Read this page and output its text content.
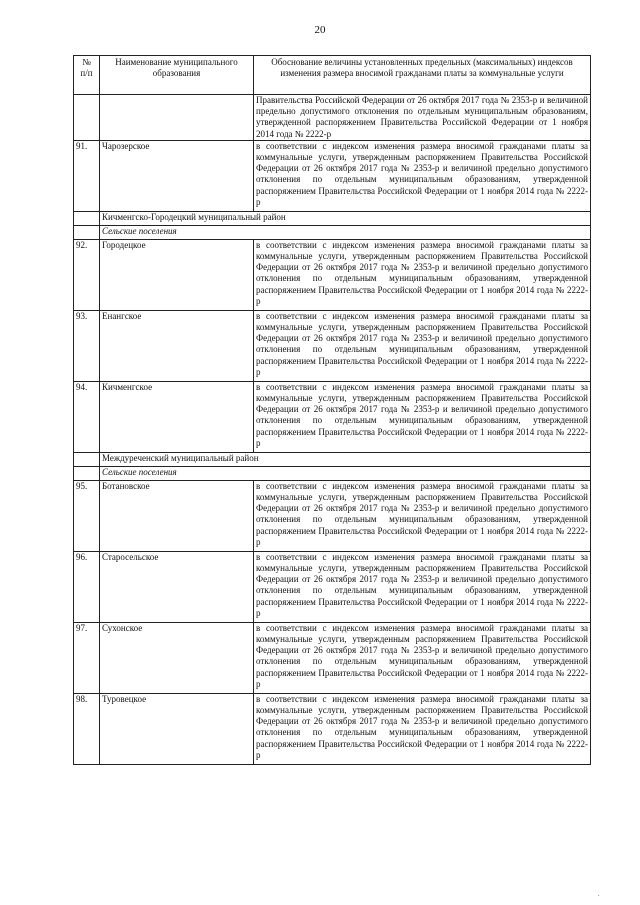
20
№
п/п	Наименование муниципального образования	Обоснование величины установленных предельных (максимальных) индексов изменения размера вносимой гражданами платы за коммунальные услуги
		Правительства Российской Федерации от 26 октября 2017 года № 2353-р и величиной предельно допустимого отклонения по отдельным муниципальным образованиям, утвержденной распоряжением Правительства Российской Федерации от 1 ноября 2014 года № 2222-р
91.	Чарозерское	в соответствии с индексом изменения размера вносимой гражданами платы за коммунальные услуги, утвержденным распоряжением Правительства Российской Федерации от 26 октября 2017 года № 2353-р и величиной предельно допустимого отклонения по отдельным муниципальным образованиям, утвержденной распоряжением Правительства Российской Федерации от 1 ноября 2014 года № 2222-р
	Кичменгско-Городецкий муниципальный район	
	Сельские поселения	
92.	Городецкое	в соответствии с индексом изменения размера вносимой гражданами платы за коммунальные услуги, утвержденным распоряжением Правительства Российской Федерации от 26 октября 2017 года № 2353-р и величиной предельно допустимого отклонения по отдельным муниципальным образованиям, утвержденной распоряжением Правительства Российской Федерации от 1 ноября 2014 года № 2222-р
93.	Енангское	в соответствии с индексом изменения размера вносимой гражданами платы за коммунальные услуги, утвержденным распоряжением Правительства Российской Федерации от 26 октября 2017 года № 2353-р и величиной предельно допустимого отклонения по отдельным муниципальным образованиям, утвержденной распоряжением Правительства Российской Федерации от 1 ноября 2014 года № 2222-р
94.	Кичменгское	в соответствии с индексом изменения размера вносимой гражданами платы за коммунальные услуги, утвержденным распоряжением Правительства Российской Федерации от 26 октября 2017 года № 2353-р и величиной предельно допустимого отклонения по отдельным муниципальным образованиям, утвержденной распоряжением Правительства Российской Федерации от 1 ноября 2014 года № 2222-р
	Междуреченский муниципальный район	
	Сельские поселения	
95.	Ботановское	в соответствии с индексом изменения размера вносимой гражданами платы за коммунальные услуги, утвержденным распоряжением Правительства Российской Федерации от 26 октября 2017 года № 2353-р и величиной предельно допустимого отклонения по отдельным муниципальным образованиям, утвержденной распоряжением Правительства Российской Федерации от 1 ноября 2014 года № 2222-р
96.	Старосельское	в соответствии с индексом изменения размера вносимой гражданами платы за коммунальные услуги, утвержденным распоряжением Правительства Российской Федерации от 26 октября 2017 года № 2353-р и величиной предельно допустимого отклонения по отдельным муниципальным образованиям, утвержденной распоряжением Правительства Российской Федерации от 1 ноября 2014 года № 2222-р
97.	Сухонское	в соответствии с индексом изменения размера вносимой гражданами платы за коммунальные услуги, утвержденным распоряжением Правительства Российской Федерации от 26 октября 2017 года № 2353-р и величиной предельно допустимого отклонения по отдельным муниципальным образованиям, утвержденной распоряжением Правительства Российской Федерации от 1 ноября 2014 года № 2222-р
98.	Туровецкое	в соответствии с индексом изменения размера вносимой гражданами платы за коммунальные услуги, утвержденным распоряжением Правительства Российской Федерации от 26 октября 2017 года № 2353-р и величиной предельно допустимого отклонения по отдельным муниципальным образованиям, утвержденной распоряжением Правительства Российской Федерации от 1 ноября 2014 года № 2222-р
.
